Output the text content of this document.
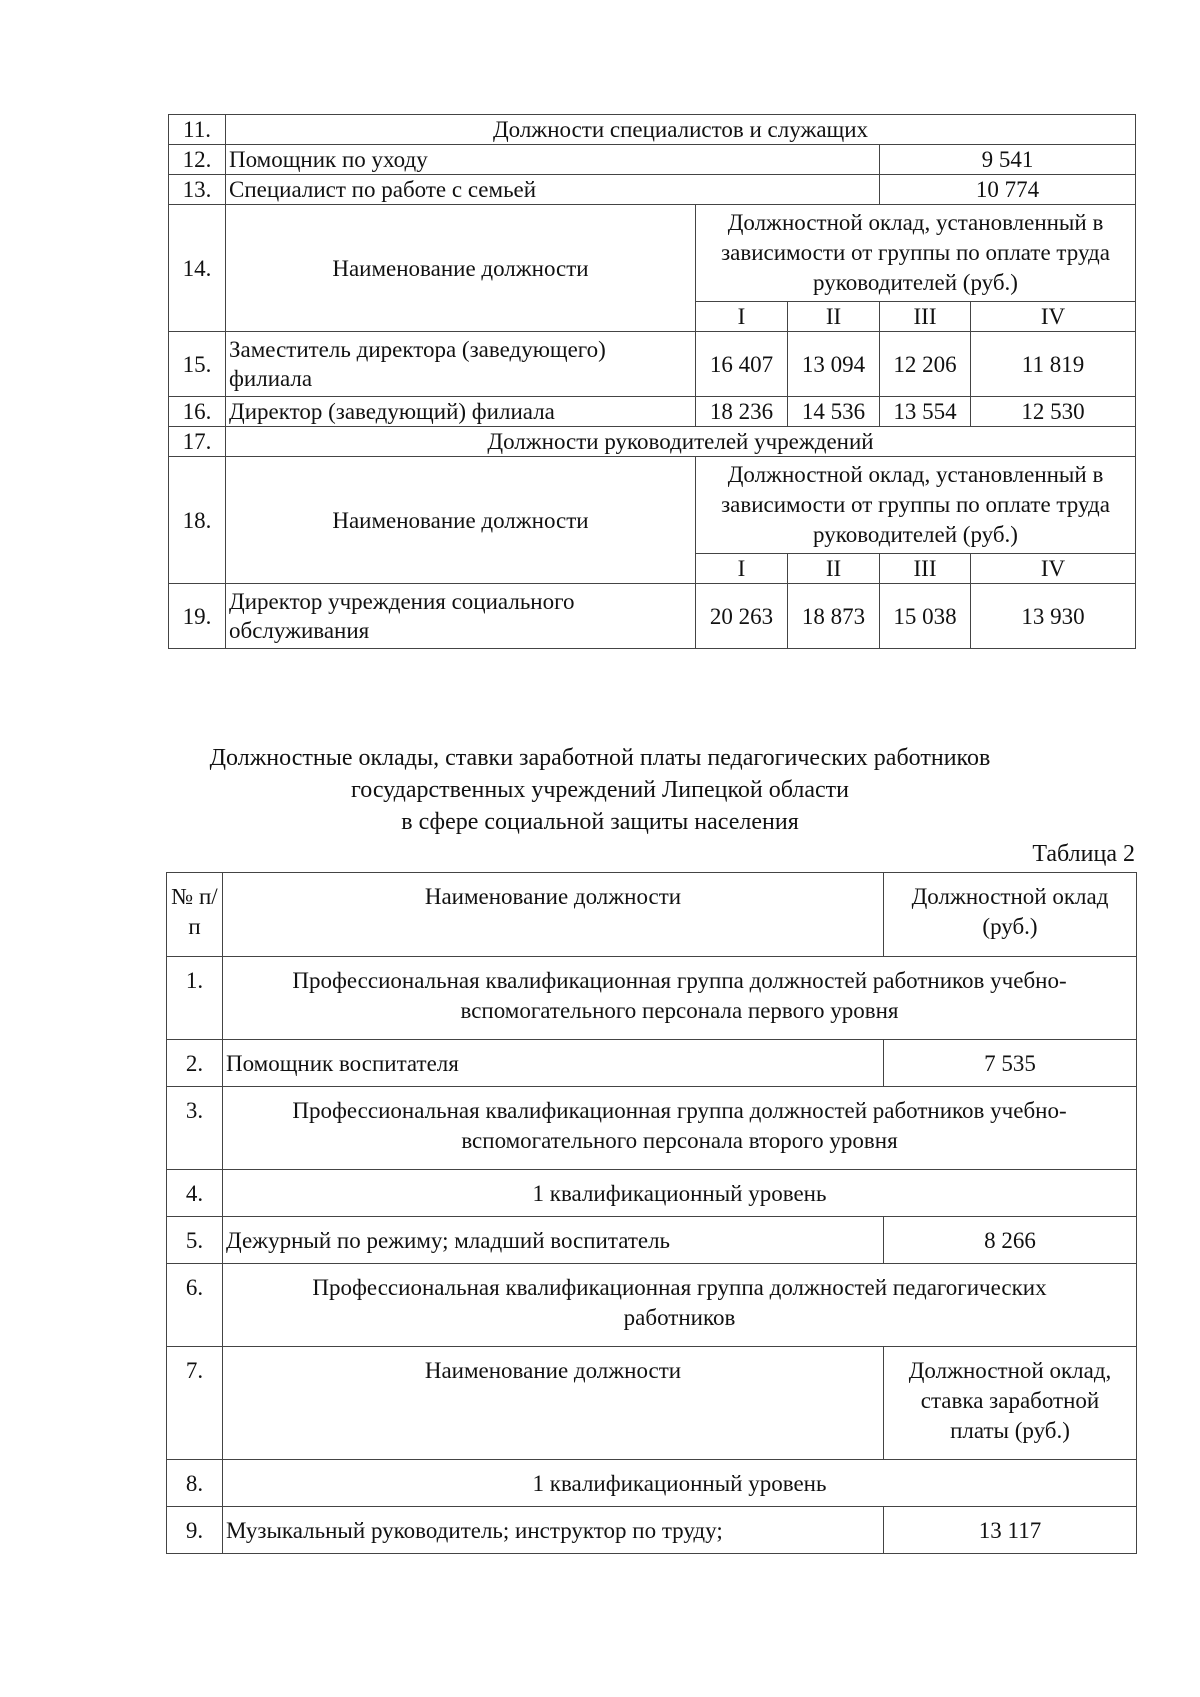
11.	Должности специалистов и служащих				
12.	Помощник по уходу			9 541	
13.	Специалист по работе с семьей			10 774	
14.	Наименование должности	Должностной оклад, установленный в зависимости от группы по оплате труда руководителей (руб.)			
		I	II	III	IV
15.	Заместитель директора (заведующего) филиала	16 407	13 094	12 206	11 819
16.	Директор (заведующий) филиала	18 236	14 536	13 554	12 530
17.	Должности руководителей учреждений				
18.	Наименование должности	Должностной оклад, установленный в зависимости от группы по оплате труда руководителей (руб.)			
		I	II	III	IV
19.	Директор учреждения социального обслуживания	20 263	18 873	15 038	13 930
Должностные оклады, ставки заработной платы педагогических работников
государственных учреждений Липецкой области
в сфере социальной защиты населения
Таблица 2
№ п/п	Наименование должности	Должностной оклад (руб.)
1.	Профессиональная квалификационная группа должностей работников учебно-вспомогательного персонала первого уровня	
2.	Помощник воспитателя	7 535
3.	Профессиональная квалификационная группа должностей работников учебно-вспомогательного персонала второго уровня	
4.	1 квалификационный уровень	
5.	Дежурный по режиму; младший воспитатель	8 266
6.	Профессиональная квалификационная группа должностей педагогических работников	
7.	Наименование должности	Должностной оклад, ставка заработной платы (руб.)
8.	1 квалификационный уровень	
9.	Музыкальный руководитель; инструктор по труду;	13 117
